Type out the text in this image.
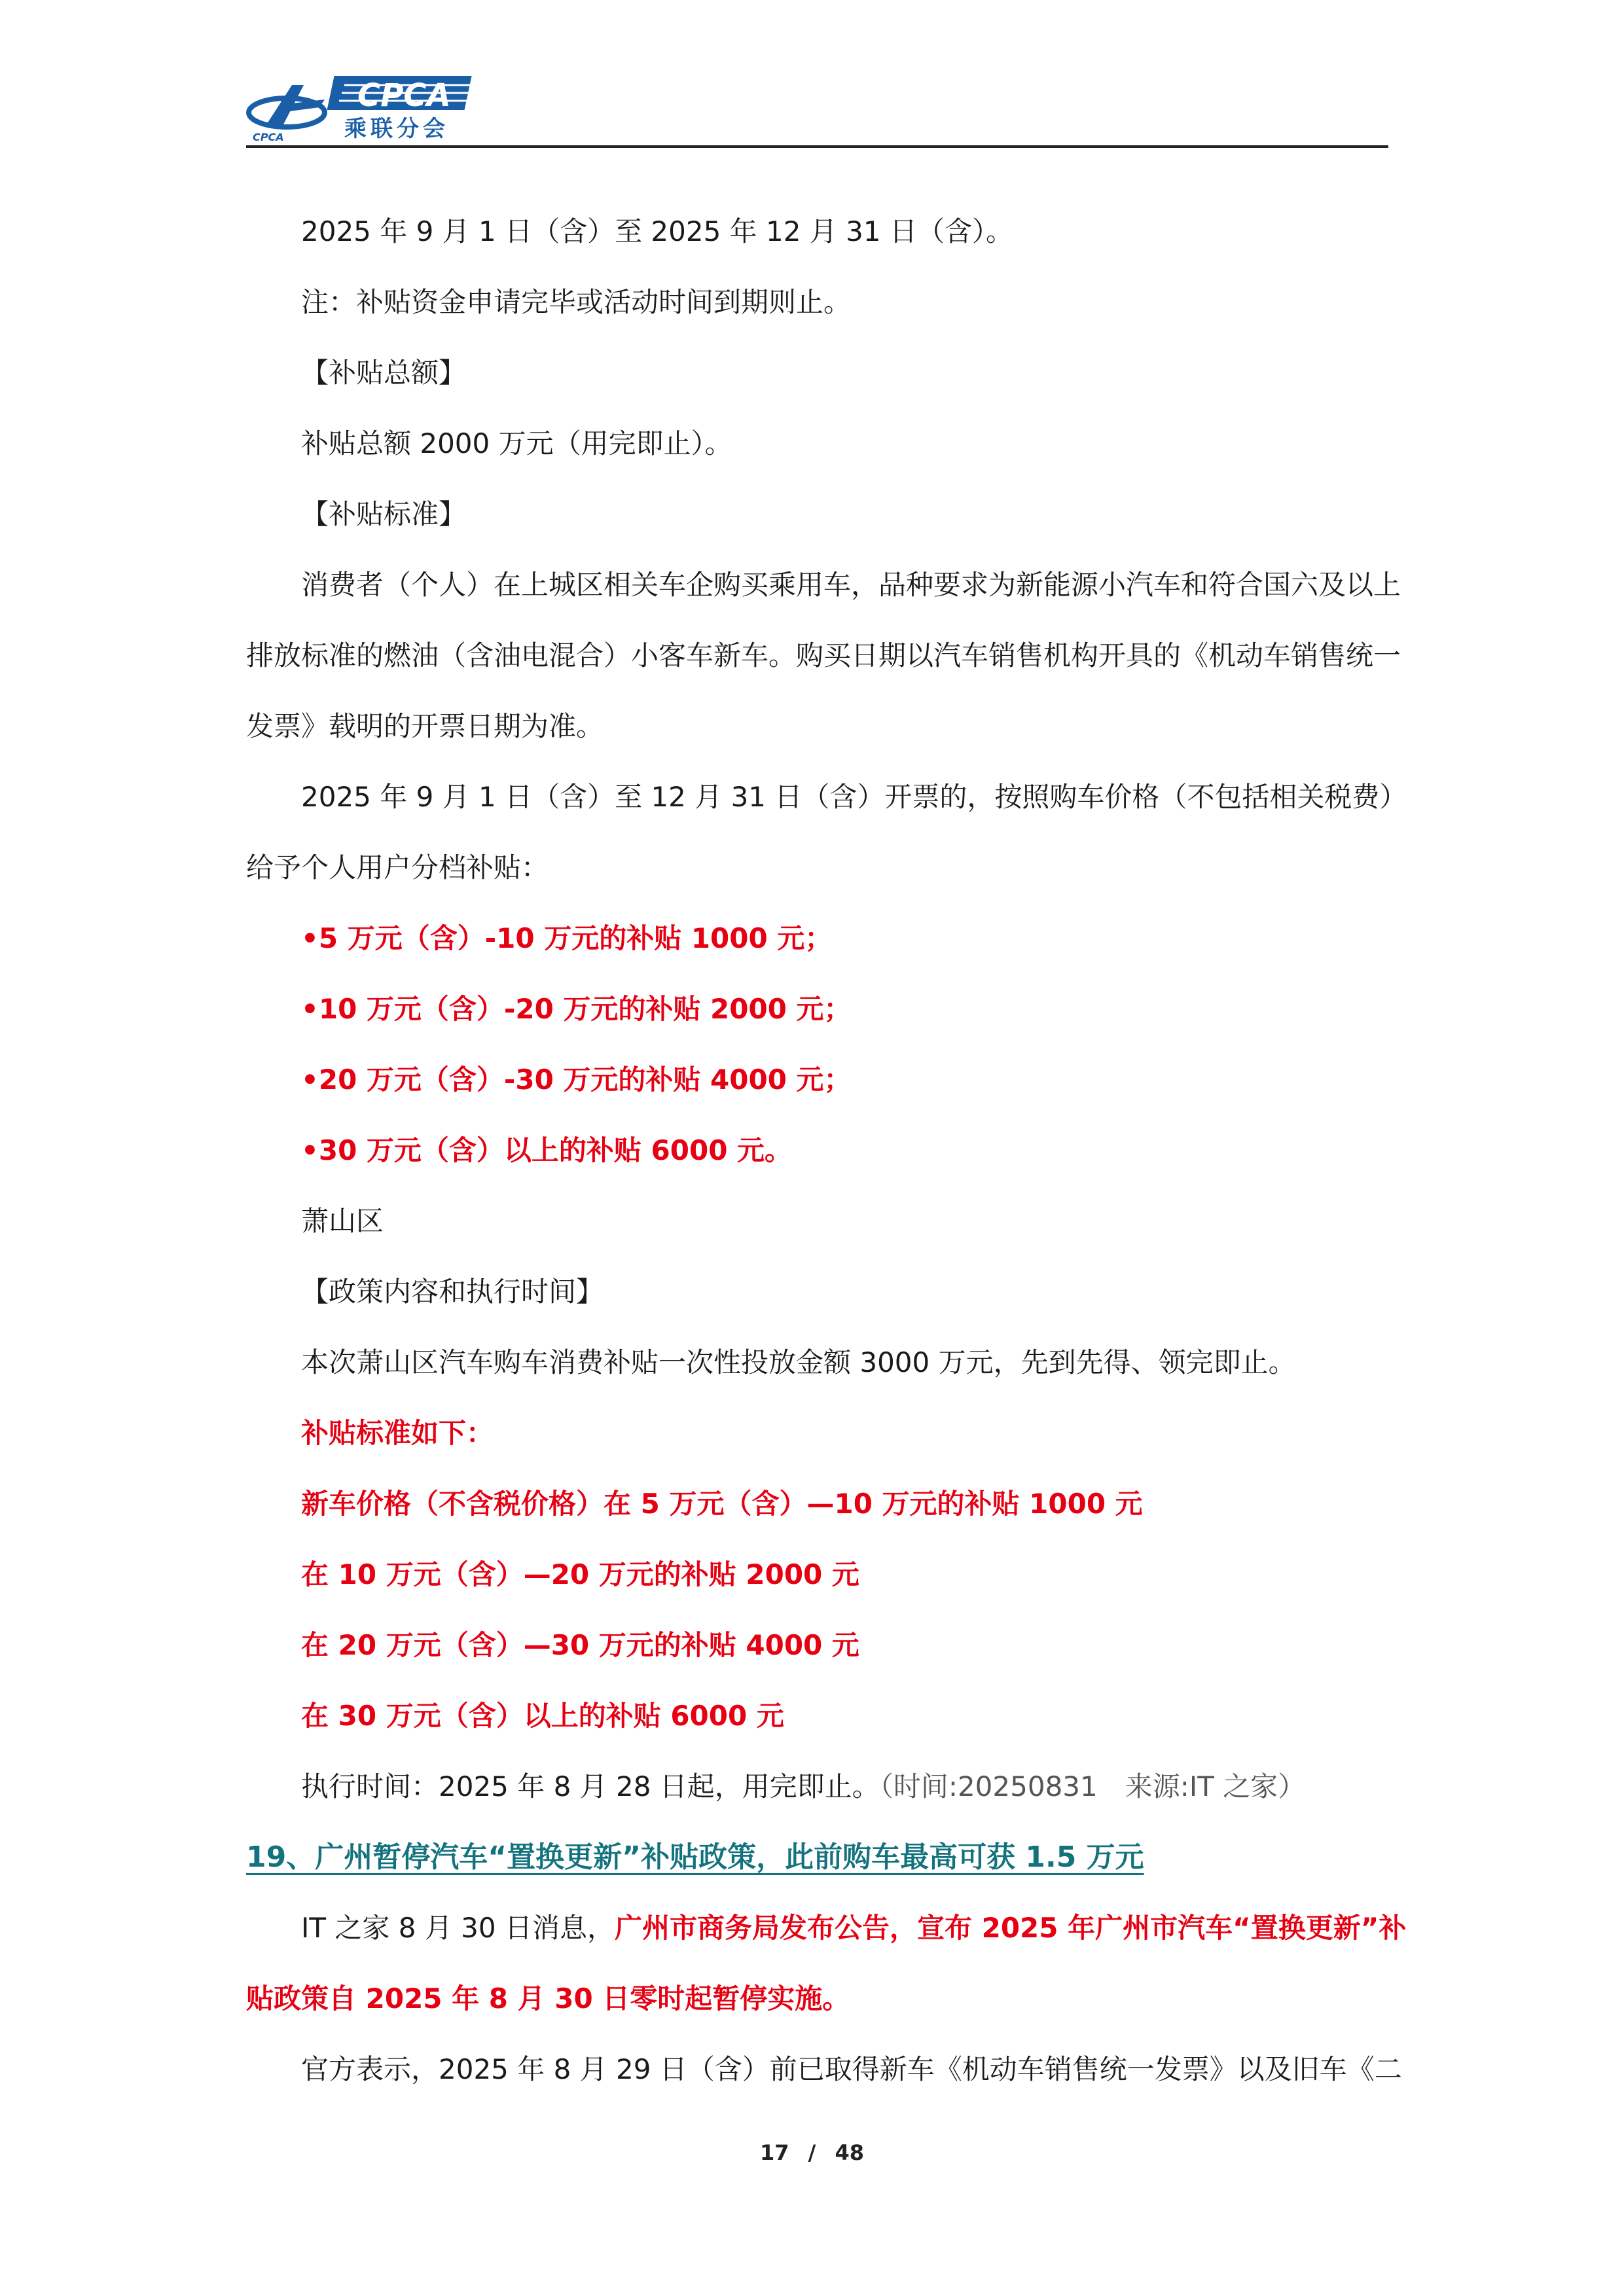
CPCA
CPCA
乘联分会

2025 年 9 月 1 日（含）至 2025 年 12 月 31 日（含）。

注：补贴资金申请完毕或活动时间到期则止。

【补贴总额】

补贴总额 2000 万元（用完即止）。

【补贴标准】

消费者（个人）在上城区相关车企购买乘用车，品种要求为新能源小汽车和符合国六及以上

排放标准的燃油（含油电混合）小客车新车。购买日期以汽车销售机构开具的《机动车销售统一

发票》载明的开票日期为准。

2025 年 9 月 1 日（含）至 12 月 31 日（含）开票的，按照购车价格（不包括相关税费）

给予个人用户分档补贴：

•5 万元（含）-10 万元的补贴 1000 元；

•10 万元（含）-20 万元的补贴 2000 元；

•20 万元（含）-30 万元的补贴 4000 元；

•30 万元（含）以上的补贴 6000 元。

萧山区

【政策内容和执行时间】

本次萧山区汽车购车消费补贴一次性投放金额 3000 万元，先到先得、领完即止。

补贴标准如下：

新车价格（不含税价格）在 5 万元（含）—10 万元的补贴 1000 元

在 10 万元（含）—20 万元的补贴 2000 元

在 20 万元（含）—30 万元的补贴 4000 元

在 30 万元（含）以上的补贴 6000 元

执行时间：2025 年 8 月 28 日起，用完即止。（时间:20250831　来源:IT 之家）

19、广州暂停汽车“置换更新”补贴政策，此前购车最高可获 1.5 万元

IT 之家 8 月 30 日消息，广州市商务局发布公告，宣布 2025 年广州市汽车“置换更新”补

贴政策自 2025 年 8 月 30 日零时起暂停实施。

官方表示，2025 年 8 月 29 日（含）前已取得新车《机动车销售统一发票》以及旧车《二

17 / 48
